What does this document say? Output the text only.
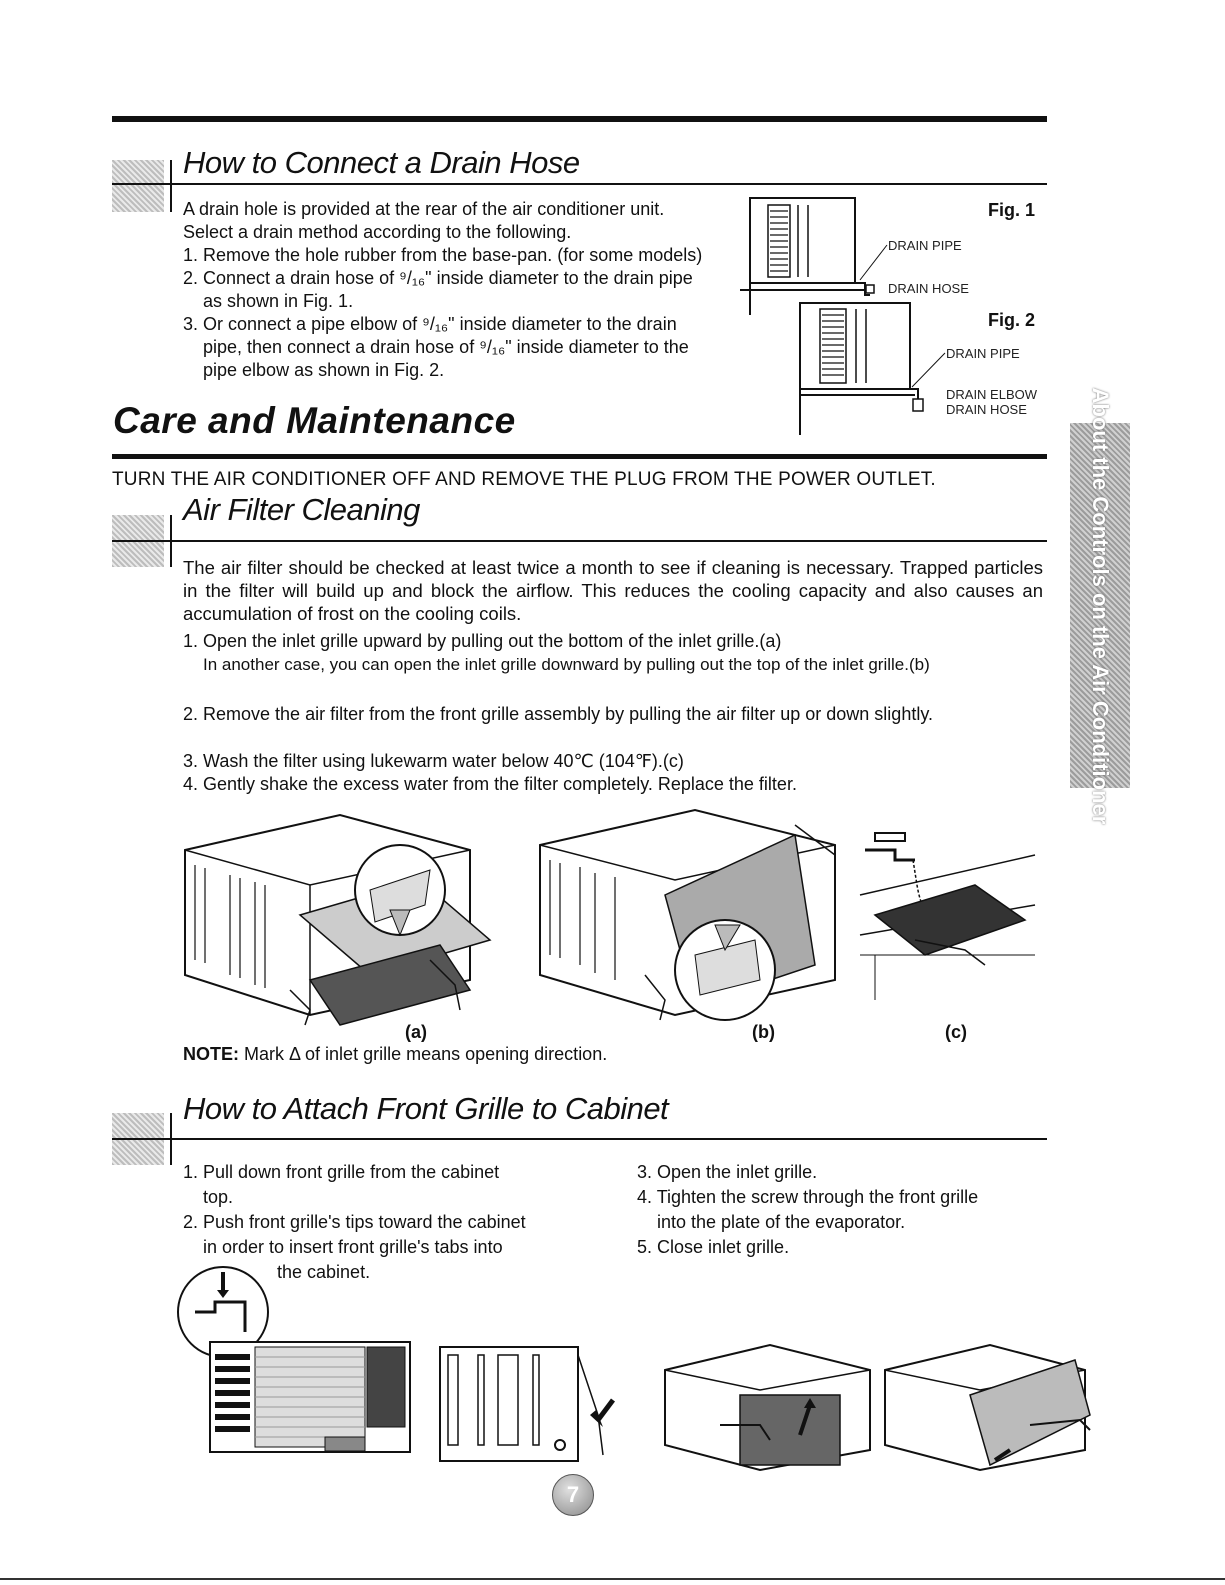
How to Connect a Drain Hose
A drain hole is provided at the rear of the air conditioner unit.
Select a drain method according to the following.
1. Remove the hole rubber from the base-pan. (for some models)
2. Connect a drain hose of ⁹/₁₆" inside diameter to the drain pipe
as shown in Fig. 1.
3. Or connect a pipe elbow of ⁹/₁₆" inside diameter to the drain
pipe, then connect a drain hose of ⁹/₁₆" inside diameter to the
pipe elbow as shown in Fig. 2.
Fig. 1
Fig. 2
DRAIN PIPE
DRAIN HOSE
DRAIN PIPE
DRAIN ELBOW
DRAIN HOSE
Care and Maintenance
TURN THE AIR CONDITIONER OFF AND REMOVE THE PLUG FROM THE POWER OUTLET.	About the Controls on the Air Conditioner
Air Filter Cleaning
The air filter should be checked at least twice a month to see if cleaning is necessary. Trapped particles in the filter will build up and block the airflow. This reduces the cooling capacity and also causes an accumulation of frost on the cooling coils.
1. Open the inlet grille upward by pulling out the bottom of the inlet grille.(a)
In another case, you can open the inlet grille downward by pulling out the top of the inlet grille.(b)
2. Remove the air filter from the front grille assembly by pulling the air filter up or down slightly.
3. Wash the filter using lukewarm water below 40℃ (104℉).(c)
4. Gently shake the excess water from the filter completely. Replace the filter.
(a)	(b)	(c)
NOTE: Mark Δ of inlet grille means opening direction.
How to Attach Front Grille to Cabinet
1. Pull down front grille from the cabinet
top.
2. Push front grille's tips toward the cabinet
in order to insert front grille's tabs into
the cabinet.
3. Open the inlet grille.
4. Tighten the screw through the front grille
into the plate of the evaporator.
5. Close inlet grille.
7
